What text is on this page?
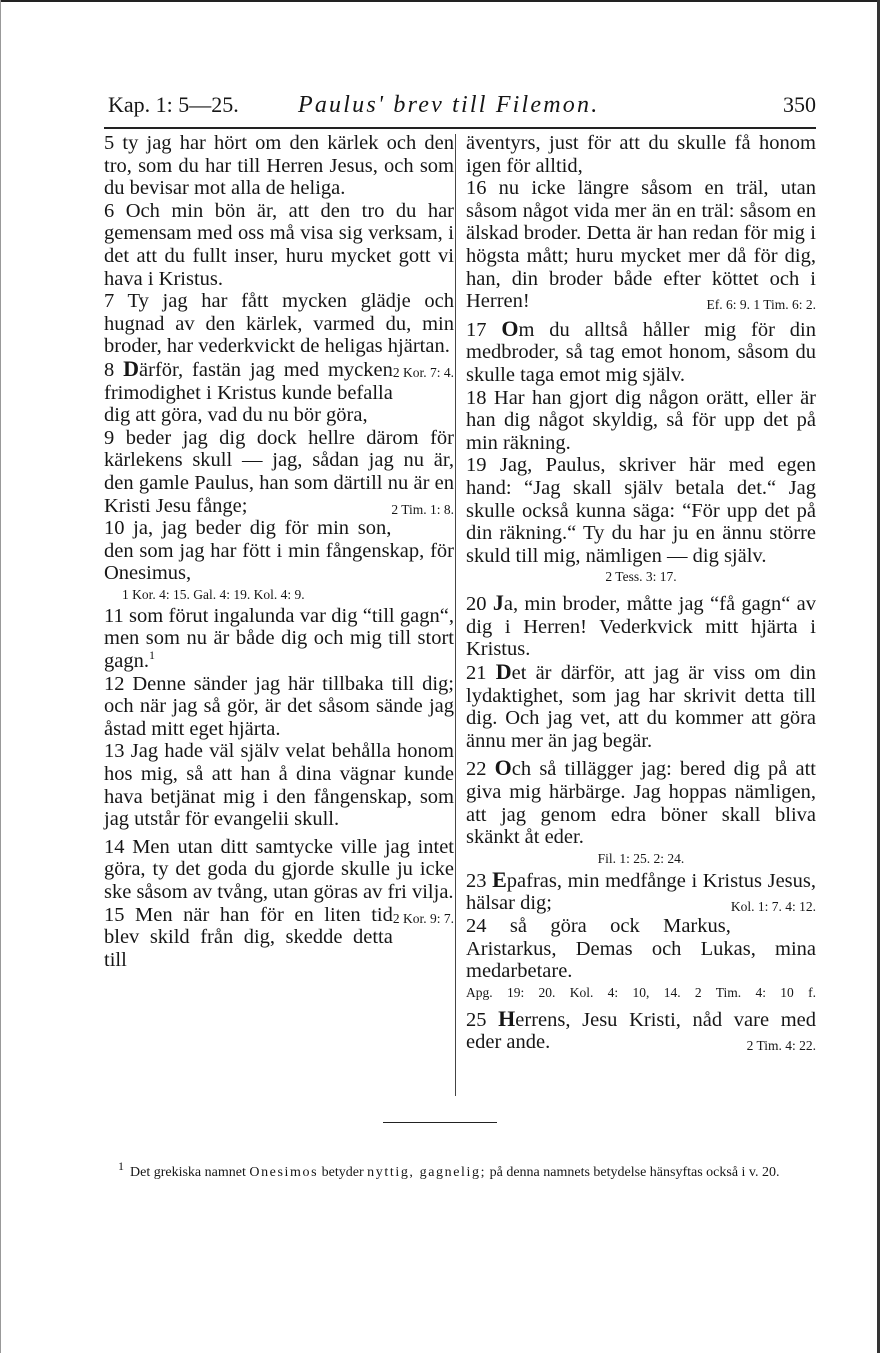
Kap. 1: 5—25. Paulus' brev till Filemon.	350

5 ty jag har hört om den kärlek och den tro, som du har till Herren Jesus, och som du bevisar mot alla de heliga.

6 Och min bön är, att den tro du har gemensam med oss må visa sig verksam, i det att du fullt inser, huru mycket gott vi hava i Kristus.

7 Ty jag har fått mycken glädje och hugnad av den kärlek, varmed du, min broder, har vederkvickt de heligas hjärtan.
2 Kor. 7: 4.

8 Därför, fastän jag med mycken frimodighet i Kristus kunde befalla dig att göra, vad du nu bör göra,

9 beder jag dig dock hellre därom för kärlekens skull — jag, sådan jag nu är, den gamle Paulus, han som därtill nu är en Kristi Jesu fånge;	2 Tim. 1: 8.

10 ja, jag beder dig för min son, den som jag har fött i min fångenskap, för Onesimus,

1 Kor. 4: 15. Gal. 4: 19. Kol. 4: 9.

11 som förut ingalunda var dig “till gagn“, men som nu är både dig och mig till stort gagn.$^1$

12 Denne sänder jag här tillbaka till dig; och när jag så gör, är det såsom sände jag åstad mitt eget hjärta.

13 Jag hade väl själv velat behålla honom hos mig, så att han å dina vägnar kunde hava betjänat mig i den fångenskap, som jag utstår för evangelii skull.

14 Men utan ditt samtycke ville jag intet göra, ty det goda du gjorde skulle ju icke ske såsom av tvång, utan göras av fri vilja.
2 Kor. 9: 7.

15 Men när han för en liten tid blev skild från dig, skedde detta till

äventyrs, just för att du skulle få honom igen för alltid,

16 nu icke längre såsom en träl, utan såsom något vida mer än en träl: såsom en älskad broder. Detta är han redan för mig i högsta mått; huru mycket mer då för dig, han, din broder både efter köttet och i Herren!	Ef. 6: 9. 1 Tim. 6: 2.

17 Om du alltså håller mig för din medbroder, så tag emot honom, såsom du skulle taga emot mig själv.

18 Har han gjort dig någon orätt, eller är han dig något skyldig, så för upp det på min räkning.

19 Jag, Paulus, skriver här med egen hand: “Jag skall själv betala det.“ Jag skulle också kunna säga: “För upp det på din räkning.“ Ty du har ju en ännu större skuld till mig, nämligen — dig själv.

2 Tess. 3: 17.

20 Ja, min broder, måtte jag “få gagn“ av dig i Herren! Vederkvick mitt hjärta i Kristus.

21 Det är därför, att jag är viss om din lydaktighet, som jag har skrivit detta till dig. Och jag vet, att du kommer att göra ännu mer än jag begär.

22 Och så tillägger jag: bered dig på att giva mig härbärge. Jag hoppas nämligen, att jag genom edra böner skall bliva skänkt åt eder.

Fil. 1: 25. 2: 24.

23 Epafras, min medfånge i Kristus Jesus, hälsar dig;	Kol. 1: 7. 4: 12.

24 så göra ock Markus, Aristarkus, Demas och Lukas, mina medarbetare.

Apg. 19: 20. Kol. 4: 10, 14. 2 Tim. 4: 10 f.

25 Herrens, Jesu Kristi, nåd vare med eder ande.	2 Tim. 4: 22.

1 Det grekiska namnet Onesimos betyder nyttig, gagnelig; på denna namnets betydelse hänsyftas också i v. 20.
